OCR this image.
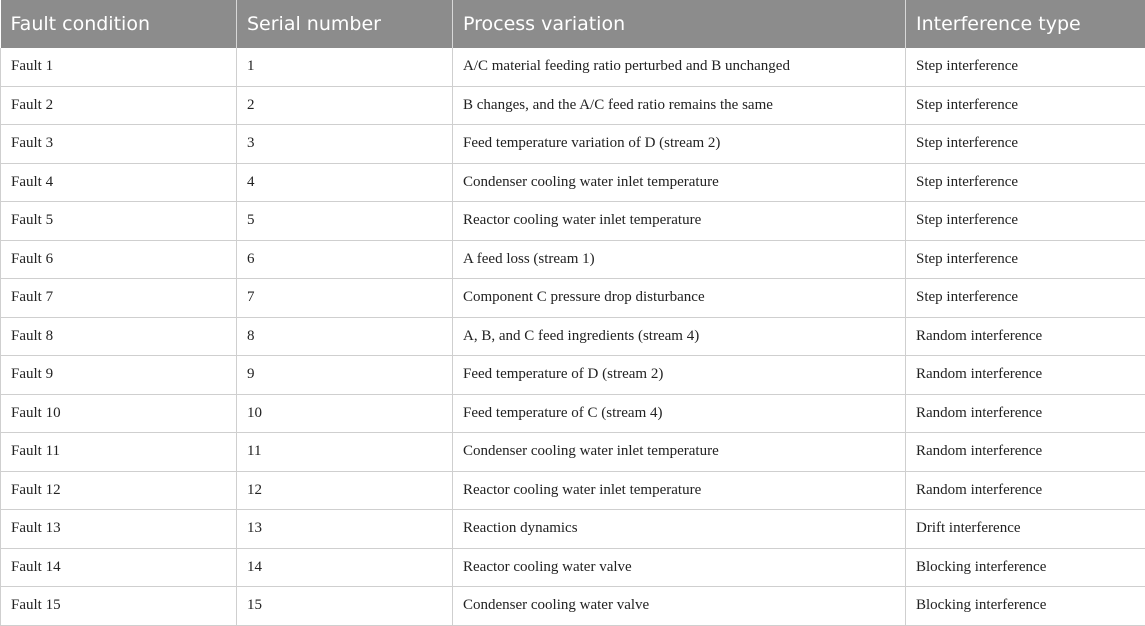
Fault condition	Serial number	Process variation	Interference type
Fault 1	1	A/C material feeding ratio perturbed and B unchanged	Step interference
Fault 2	2	B changes, and the A/C feed ratio remains the same	Step interference
Fault 3	3	Feed temperature variation of D (stream 2)	Step interference
Fault 4	4	Condenser cooling water inlet temperature	Step interference
Fault 5	5	Reactor cooling water inlet temperature	Step interference
Fault 6	6	A feed loss (stream 1)	Step interference
Fault 7	7	Component C pressure drop disturbance	Step interference
Fault 8	8	A, B, and C feed ingredients (stream 4)	Random interference
Fault 9	9	Feed temperature of D (stream 2)	Random interference
Fault 10	10	Feed temperature of C (stream 4)	Random interference
Fault 11	11	Condenser cooling water inlet temperature	Random interference
Fault 12	12	Reactor cooling water inlet temperature	Random interference
Fault 13	13	Reaction dynamics	Drift interference
Fault 14	14	Reactor cooling water valve	Blocking interference
Fault 15	15	Condenser cooling water valve	Blocking interference
